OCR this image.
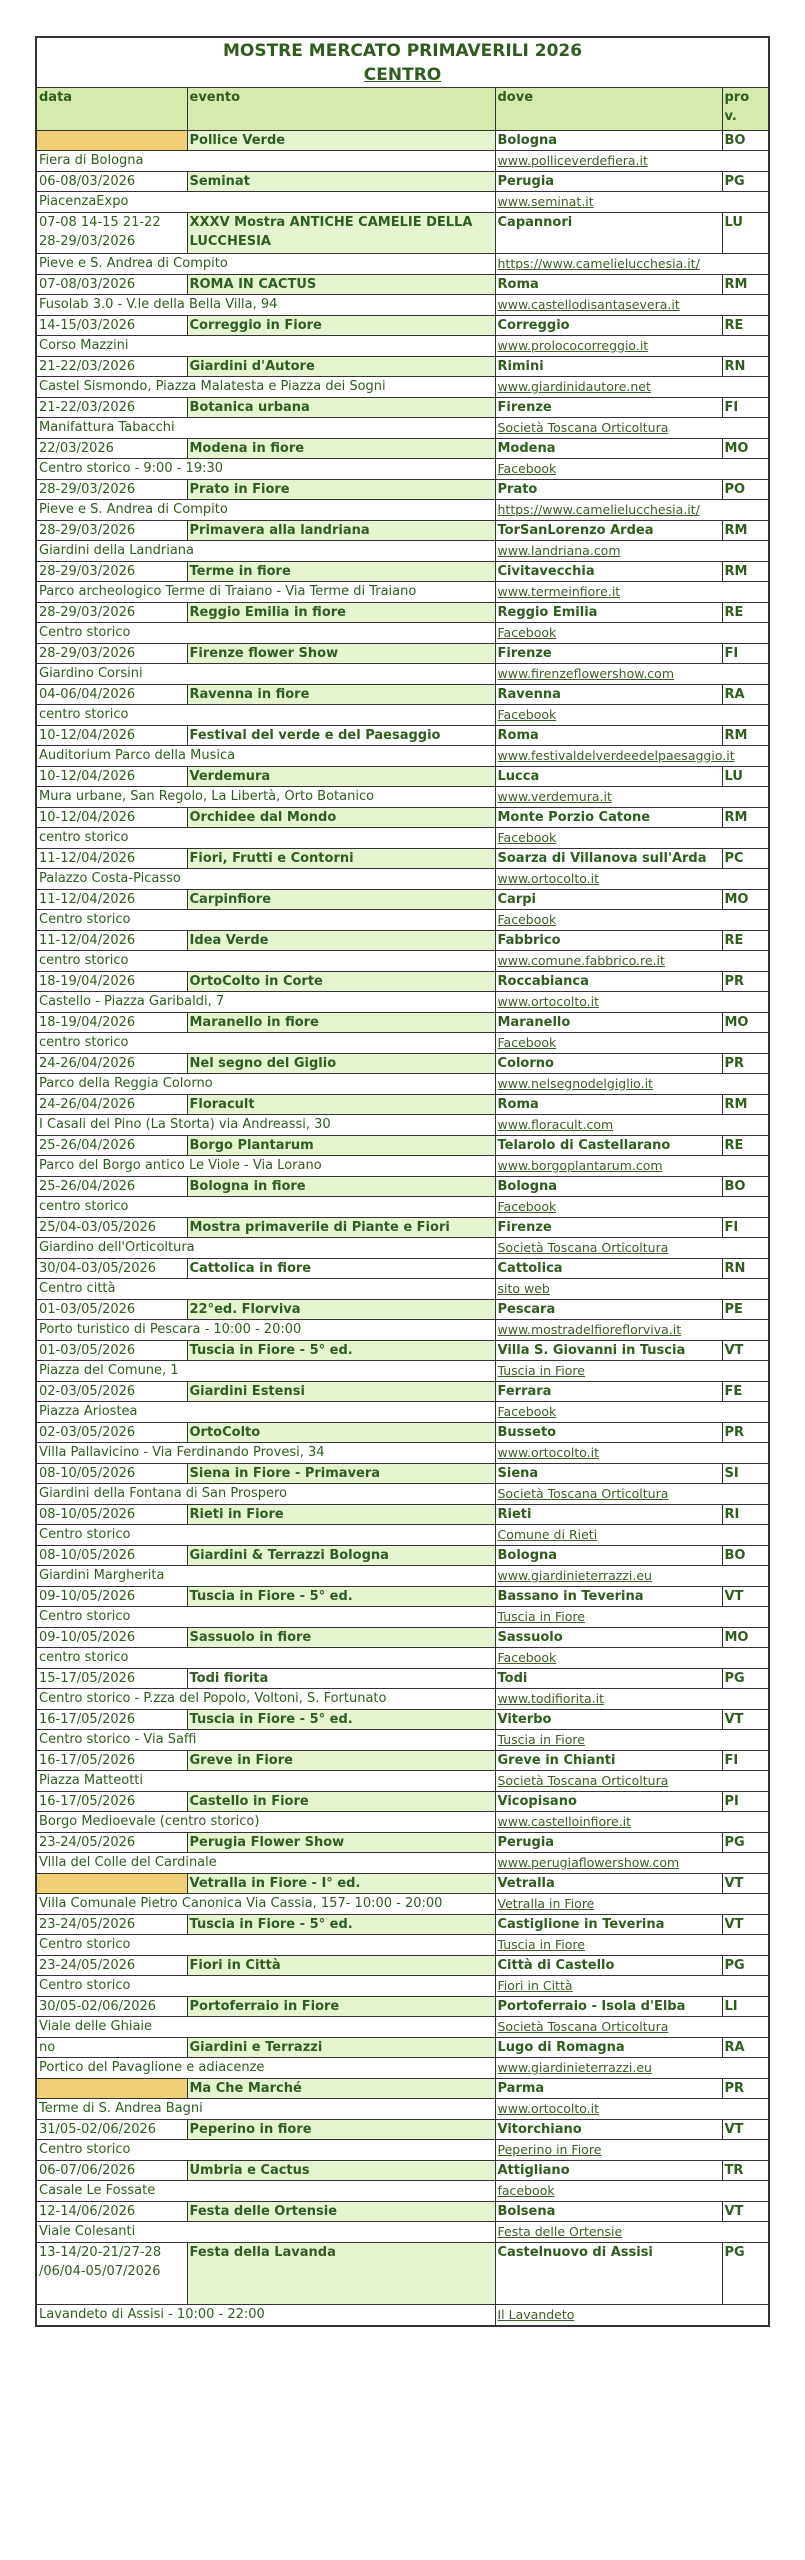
MOSTRE MERCATO PRIMAVERILI 2026
CENTRO			

data	evento	dove	prov.
	Pollice Verde	Bologna	BO
Fiera di Bologna		www.polliceverdefiera.it	
06-08/03/2026	Seminat	Perugia	PG
PiacenzaExpo		www.seminat.it	
07-08 14-15 21-22 28-29/03/2026	XXXV Mostra ANTICHE CAMELIE DELLA LUCCHESIA	Capannori	LU
Pieve e S. Andrea di Compito		https://www.camelielucchesia.it/	
07-08/03/2026	ROMA IN CACTUS	Roma	RM
Fusolab 3.0 - V.le della Bella Villa, 94		www.castellodisantasevera.it	
14-15/03/2026	Correggio in Fiore	Correggio	RE
Corso Mazzini		www.prolococorreggio.it	
21-22/03/2026	Giardini d'Autore	Rimini	RN
Castel Sismondo, Piazza Malatesta e Piazza dei Sogni		www.giardinidautore.net	
21-22/03/2026	Botanica urbana	Firenze	FI
Manifattura Tabacchi		Società Toscana Orticoltura	
22/03/2026	Modena in fiore	Modena	MO
Centro storico - 9:00 - 19:30		Facebook	
28-29/03/2026	Prato in Fiore	Prato	PO
Pieve e S. Andrea di Compito		https://www.camelielucchesia.it/	
28-29/03/2026	Primavera alla landriana	TorSanLorenzo Ardea	RM
Giardini della Landriana		www.landriana.com	
28-29/03/2026	Terme in fiore	Civitavecchia	RM
Parco archeologico Terme di Traiano - Via Terme di Traiano		www.termeinfiore.it	
28-29/03/2026	Reggio Emilia in fiore	Reggio Emilia	RE
Centro storico		Facebook	
28-29/03/2026	Firenze flower Show	Firenze	FI
Giardino Corsini		www.firenzeflowershow.com	
04-06/04/2026	Ravenna in fiore	Ravenna	RA
centro storico		Facebook	
10-12/04/2026	Festival del verde e del Paesaggio	Roma	RM
Auditorium Parco della Musica		www.festivaldelverdeedelpaesaggio.it	
10-12/04/2026	Verdemura	Lucca	LU
Mura urbane, San Regolo, La Libertà, Orto Botanico		www.verdemura.it	
10-12/04/2026	Orchidee dal Mondo	Monte Porzio Catone	RM
centro storico		Facebook	
11-12/04/2026	Fiori, Frutti e Contorni	Soarza di Villanova sull'Arda	PC
Palazzo Costa-Picasso		www.ortocolto.it	
11-12/04/2026	Carpinfiore	Carpi	MO
Centro storico		Facebook	
11-12/04/2026	Idea Verde	Fabbrico	RE
centro storico		www.comune.fabbrico.re.it	
18-19/04/2026	OrtoColto in Corte	Roccabianca	PR
Castello - Piazza Garibaldi, 7		www.ortocolto.it	
18-19/04/2026	Maranello in fiore	Maranello	MO
centro storico		Facebook	
24-26/04/2026	Nel segno del Giglio	Colorno	PR
Parco della Reggia Colorno		www.nelsegnodelgiglio.it	
24-26/04/2026	Floracult	Roma	RM
I Casali del Pino (La Storta) via Andreassi, 30		www.floracult.com	
25-26/04/2026	Borgo Plantarum	Telarolo di Castellarano	RE
Parco del Borgo antico Le Viole - Via Lorano		www.borgoplantarum.com	
25-26/04/2026	Bologna in fiore	Bologna	BO
centro storico		Facebook	
25/04-03/05/2026	Mostra primaverile di Piante e Fiori	Firenze	FI
Giardino dell'Orticoltura		Società Toscana Orticoltura	
30/04-03/05/2026	Cattolica in fiore	Cattolica	RN
Centro città		sito web	
01-03/05/2026	22°ed. Florviva	Pescara	PE
Porto turistico di Pescara - 10:00 - 20:00		www.mostradelfioreflorviva.it	
01-03/05/2026	Tuscia in Fiore - 5° ed.	Villa S. Giovanni in Tuscia	VT
Piazza del Comune, 1		Tuscia in Fiore	
02-03/05/2026	Giardini Estensi	Ferrara	FE
Piazza Ariostea		Facebook	
02-03/05/2026	OrtoColto	Busseto	PR
Villa Pallavicino - Via Ferdinando Provesi, 34		www.ortocolto.it	
08-10/05/2026	Siena in Fiore - Primavera	Siena	SI
Giardini della Fontana di San Prospero		Società Toscana Orticoltura	
08-10/05/2026	Rieti in Fiore	Rieti	RI
Centro storico		Comune di Rieti	
08-10/05/2026	Giardini & Terrazzi Bologna	Bologna	BO
Giardini Margherita		www.giardinieterrazzi.eu	
09-10/05/2026	Tuscia in Fiore - 5° ed.	Bassano in Teverina	VT
Centro storico		Tuscia in Fiore	
09-10/05/2026	Sassuolo in fiore	Sassuolo	MO
centro storico		Facebook	
15-17/05/2026	Todi fiorita	Todi	PG
Centro storico - P.zza del Popolo, Voltoni, S. Fortunato		www.todifiorita.it	
16-17/05/2026	Tuscia in Fiore - 5° ed.	Viterbo	VT
Centro storico - Via Saffi		Tuscia in Fiore	
16-17/05/2026	Greve in Fiore	Greve in Chianti	FI
Piazza Matteotti		Società Toscana Orticoltura	
16-17/05/2026	Castello in Fiore	Vicopisano	PI
Borgo Medioevale (centro storico)		www.castelloinfiore.it	
23-24/05/2026	Perugia Flower Show	Perugia	PG
Villa del Colle del Cardinale		www.perugiaflowershow.com	
	Vetralla in Fiore - I° ed.	Vetralla	VT
Villa Comunale Pietro Canonica Via Cassia, 157- 10:00 - 20:00		Vetralla in Fiore	
23-24/05/2026	Tuscia in Fiore - 5° ed.	Castiglione in Teverina	VT
Centro storico		Tuscia in Fiore	
23-24/05/2026	Fiori in Città	Città di Castello	PG
Centro storico		Fiori in Città	
30/05-02/06/2026	Portoferraio in Fiore	Portoferraio - Isola d'Elba	LI
Viale delle Ghiaie		Società Toscana Orticoltura	
no	Giardini e Terrazzi	Lugo di Romagna	RA
Portico del Pavaglione e adiacenze		www.giardinieterrazzi.eu	
	Ma Che Marché	Parma	PR
Terme di S. Andrea Bagni		www.ortocolto.it	
31/05-02/06/2026	Peperino in fiore	Vitorchiano	VT
Centro storico		Peperino in Fiore	
06-07/06/2026	Umbria e Cactus	Attigliano	TR
Casale Le Fossate		facebook	
12-14/06/2026	Festa delle Ortensie	Bolsena	VT
Viale Colesanti		Festa delle Ortensie	
13-14/20-21/27-28 /06/04-05/07/2026	Festa della Lavanda	Castelnuovo di Assisi	PG
Lavandeto di Assisi - 10:00 - 22:00		Il Lavandeto	
